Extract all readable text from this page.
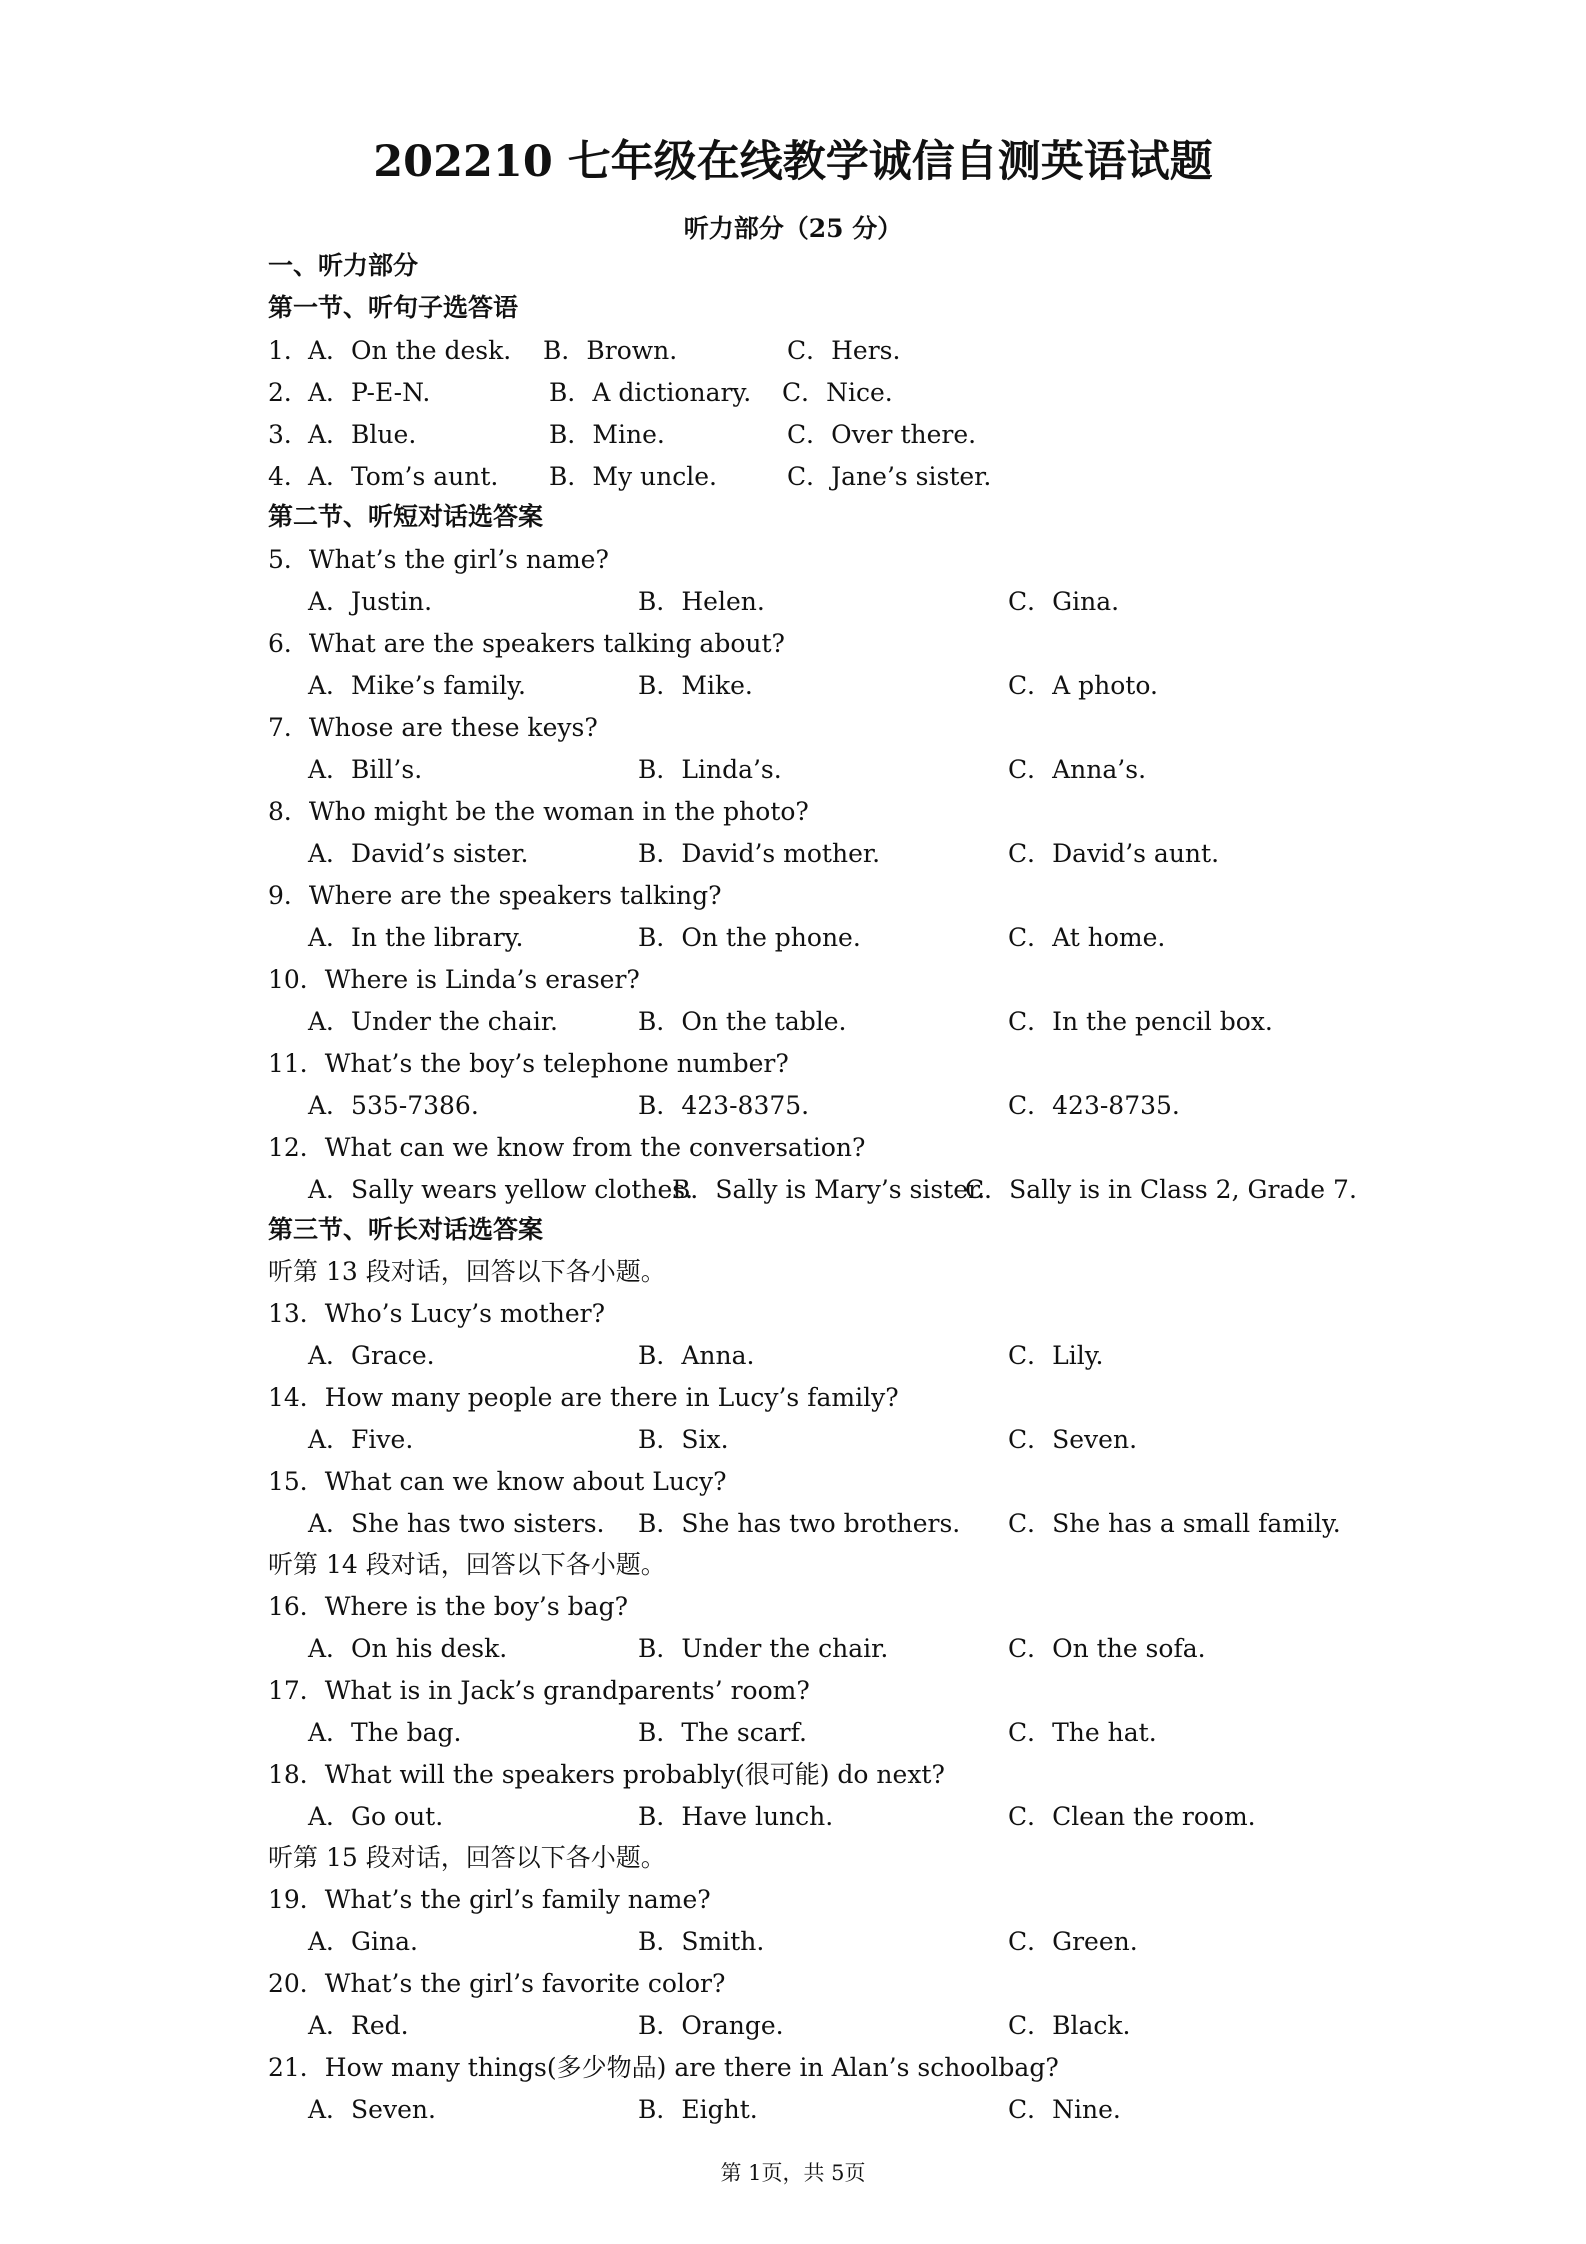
202210 七年级在线教学诚信自测英语试题
听力部分（25 分）
一、听力部分
第一节、听句子选答语
1． A．On the desk. B．Brown.	C．Hers.
2． A．P-E-N.	B．A dictionary. C．Nice.
3． A．Blue.	B．Mine.	C．Over there.
4． A．Tom’s aunt. B．My uncle.	C．Jane’s sister.
第二节、听短对话选答案
5．What’s the girl’s name?
A．Justin.	B．Helen.	C．Gina.
6．What are the speakers talking about?
A．Mike’s family.	B．Mike.	C．A photo.
7．Whose are these keys?
A．Bill’s.	B．Linda’s.	C．Anna’s.
8．Who might be the woman in the photo?
A．David’s sister.	B．David’s mother.	C．David’s aunt.
9．Where are the speakers talking?
A．In the library.	B．On the phone.	C．At home.
10．Where is Linda’s eraser?
A．Under the chair.	B．On the table.	C．In the pencil box.
11．What’s the boy’s telephone number?
A．535-7386.	B．423-8375.	C．423-8735.
12．What can we know from the conversation?
A．Sally wears yellow clothes.
B．Sally is Mary’s sister.
C．Sally is in Class 2, Grade 7.
第三节、听长对话选答案
听第 13 段对话，回答以下各小题。
13．Who’s Lucy’s mother?
A．Grace.	B．Anna.	C．Lily.
14．How many people are there in Lucy’s family?
A．Five.	B．Six.	C．Seven.
15．What can we know about Lucy?
A．She has two sisters. B．She has two brothers. C．She has a small family.
听第 14 段对话，回答以下各小题。
16．Where is the boy’s bag?
A．On his desk.	B．Under the chair.	C．On the sofa.
17．What is in Jack’s grandparents’ room?
A．The bag.	B．The scarf.	C．The hat.
18．What will the speakers probably(很可能) do next?
A．Go out.	B．Have lunch.	C．Clean the room.
听第 15 段对话，回答以下各小题。
19．What’s the girl’s family name?
A．Gina.	B．Smith.	C．Green.
20．What’s the girl’s favorite color?
A．Red.	B．Orange.	C．Black.
21．How many things(多少物品) are there in Alan’s schoolbag?
A．Seven.	B．Eight.	C．Nine.
第 1页，共 5页
